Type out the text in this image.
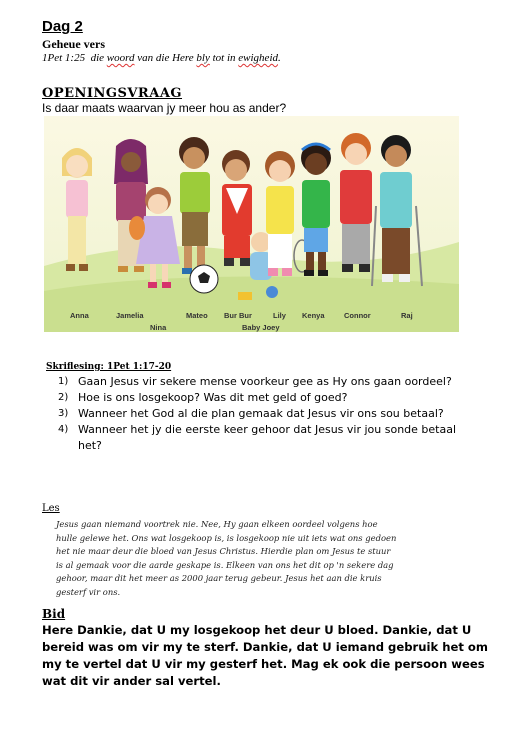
Dag 2
Geheue vers
1Pet 1:25 die woord van die Here bly tot in ewigheid.
OPENINGSVRAAG
Is daar maats waarvan jy meer hou as ander?
Anna	Jamelia	Mateo Bur Bur	Lily Kenya	Connor	Raj
Nina	Baby Joey
Skriflesing: 1Pet 1:17-20
1) Gaan Jesus vir sekere mense voorkeur gee as Hy ons gaan oordeel?
2) Hoe is ons losgekoop? Was dit met geld of goed?
3) Wanneer het God al die plan gemaak dat Jesus vir ons sou betaal?
4) Wanneer het jy die eerste keer gehoor dat Jesus vir jou sonde betaal het?
Les
Jesus gaan niemand voortrek nie. Nee, Hy gaan elkeen oordeel volgens hoe
hulle gelewe het. Ons wat losgekoop is, is losgekoop nie uit iets wat ons gedoen
het nie maar deur die bloed van Jesus Christus. Hierdie plan om Jesus te stuur
is al gemaak voor die aarde geskape is. Elkeen van ons het dit op 'n sekere dag
gehoor, maar dit het meer as 2000 jaar terug gebeur. Jesus het aan die kruis
gesterf vir ons.
Bid
Here Dankie, dat U my losgekoop het deur U bloed. Dankie, dat U
bereid was om vir my te sterf. Dankie, dat U iemand gebruik het om
my te vertel dat U vir my gesterf het. Mag ek ook die persoon wees
wat dit vir ander sal vertel.
